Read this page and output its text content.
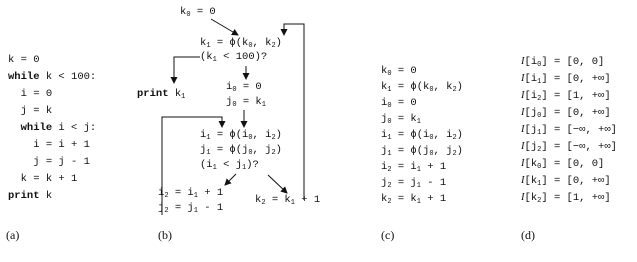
k = 0
while k < 100:
i = 0
j = k
while i < j:
i = i + 1
j = j - 1
k = k + 1
print k
(a)
$k_0 = 0$
$k_1 = \phi(k_0$, $k_2$)
$(k_1 < 100)$?
print $k_1$
$i_0 = 0$
$j_0 = k_1$
$i_1 = \phi(i_0$, $i_2$)
$j_1 = \phi(j_0$, $j_2$)
$(i_1 < j_1)$?
$i_2 = i_1 + 1$
$j_2 = j_1 - 1$
$k_2 = k_1 + 1$
(b)
$k_0 = 0$
$k_1 = \phi(k_0$, $k_2$)
$i_0 = 0$
$j_0 = k_1$
$i_1 = \phi(i_0$, $i_2$)
$j_1 = \phi(j_0$, $j_2$)
$i_2 = i_1 + 1$
$j_2 = j_1 - 1$
$k_2 = k_1 + 1$
(c)
$I[i_0] = [0$, 0]
$I[i_1] = [0$, +∞]
$I[i_2] = [1$, +∞]
$I[j_0] = [0$, +∞]
$I[j_1]$ = [−∞, +∞]
$I[j_2]$ = [−∞, +∞]
$I[k_0] = [0$, 0]
$I[k_1] = [0$, +∞]
$I[k_2] = [1$, +∞]
(d)
